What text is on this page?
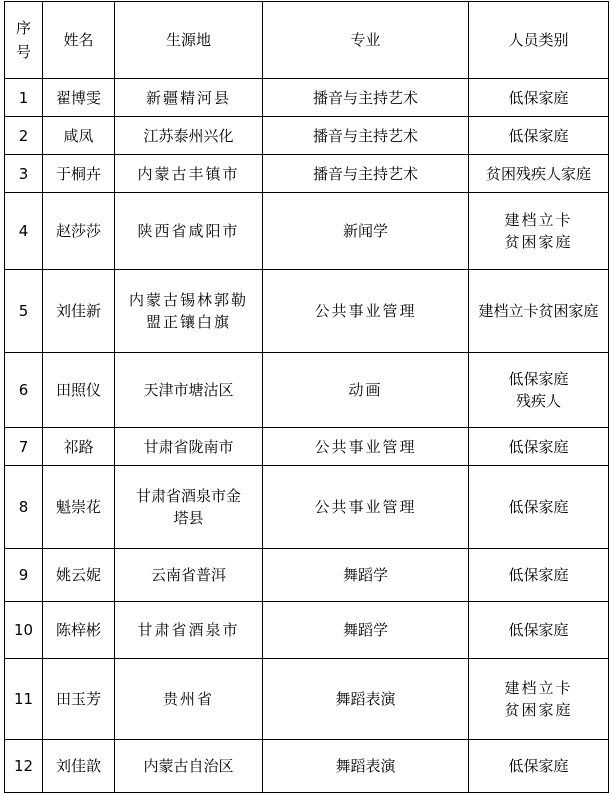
序
号	姓名	生源地	专业	人员类别
1	翟博雯	新疆精河县	播音与主持艺术	低保家庭
2	咸凤	江苏泰州兴化	播音与主持艺术	低保家庭
3	于桐卉	内蒙古丰镇市	播音与主持艺术	贫困残疾人家庭
4	赵莎莎	陕西省咸阳市	新闻学	建档立卡
贫困家庭

5	刘佳新	内蒙古锡林郭勒
盟正镶白旗	公共事业管理	建档立卡贫困家庭
6	田照仪	天津市塘沽区	动画	低保家庭
残疾人

7	祁路	甘肃省陇南市	公共事业管理	低保家庭
8	魁崇花	甘肃省酒泉市金
塔县	公共事业管理	低保家庭
9	姚云妮	云南省普洱	舞蹈学	低保家庭
10	陈梓彬	甘肃省酒泉市	舞蹈学	低保家庭
11	田玉芳	贵州省	舞蹈表演	建档立卡
贫困家庭

12	刘佳歆	内蒙古自治区	舞蹈表演	低保家庭
